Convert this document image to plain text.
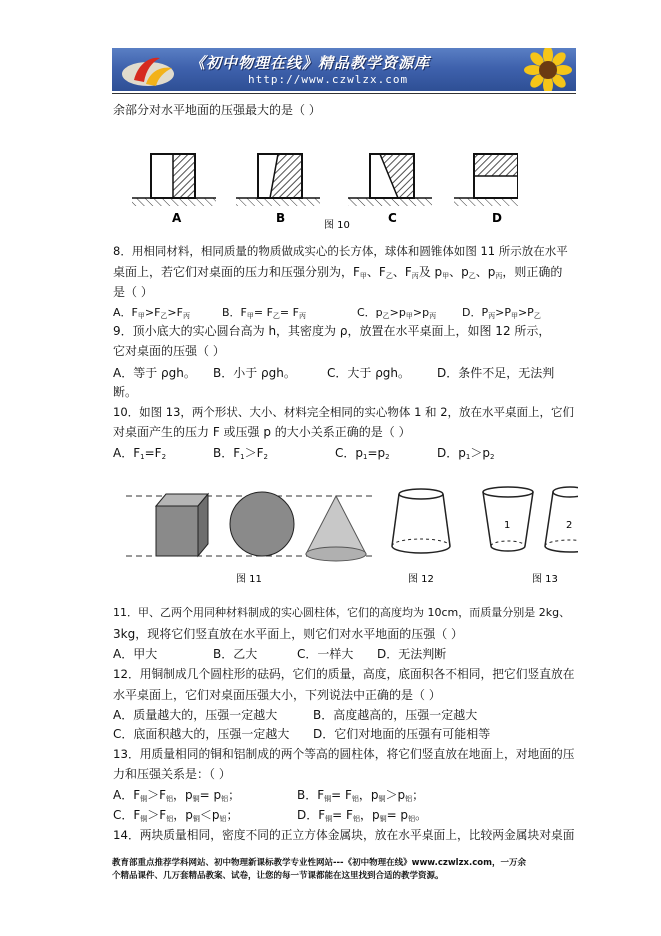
《初中物理在线》精品教学资源库
http://www.czwlzx.com
余部分对水平地面的压强最大的是（ ）
A	B	C	D
图 10
8．用相同材料，相同质量的物质做成实心的长方体，球体和圆锥体如图 11 所示放在水平
桌面上，若它们对桌面的压力和压强分别为，$F_甲$、$F_乙$、$F_丙$及 $p_甲$、$p_乙$、$p_丙$，则正确的
是（ ）
A．$F_甲>F_乙>F_丙$	B．$F_甲= F_乙= F_丙$	C．$p_乙>p_甲>p_丙$ D．$P_丙>P_甲>P_乙$
9．顶小底大的实心圆台高为 h，其密度为 ρ，放置在水平桌面上，如图 12 所示，
它对桌面的压强（ ）
A．等于 ρgh。 B．小于 ρgh。	C．大于 ρgh。 D．条件不足，无法判
断。
10．如图 13，两个形状、大小、材料完全相同的实心物体 1 和 2，放在水平桌面上，它们
对桌面产生的压力 F 或压强 p 的大小关系正确的是（ ）
A．$F_1=F_2$	B．$F_1>F_2$	C．$p_1=p_2$	D．$p_1>p_2$
图 11	图 12
1	2
图 13
11．甲、乙两个用同种材料制成的实心圆柱体，它们的高度均为 10cm，而质量分别是 2kg、
3kg，现将它们竖直放在水平面上，则它们对水平地面的压强（ ）
A．甲大	B．乙大	C．一样大 D．无法判断
12．用铜制成几个圆柱形的砝码，它们的质量，高度，底面积各不相同，把它们竖直放在
水平桌面上，它们对桌面压强大小，下列说法中正确的是（ ）
A．质量越大的，压强一定越大	B．高度越高的，压强一定越大
C．底面积越大的，压强一定越大 D．它们对地面的压强有可能相等
13．用质量相同的铜和铝制成的两个等高的圆柱体，将它们竖直放在地面上，对地面的压
力和压强关系是：（ ）
A．$F_铜>F_铝$，$p_铜= p_铝$；	B．$F_铜= F_铝$，$p_铜>p_铝$；
C．$F_铜>F_铝$，$p_铜<p_铝$；	D．$F_铜= F_铝$，$p_铜= p_铝$。
14．两块质量相同，密度不同的正立方体金属块，放在水平桌面上，比较两金属块对桌面
教育部重点推荐学科网站、初中物理新课标教学专业性网站---《初中物理在线》www.czwlzx.com，一万余
个精品课件、几万套精品教案、试卷，让您的每一节课都能在这里找到合适的教学资源。
